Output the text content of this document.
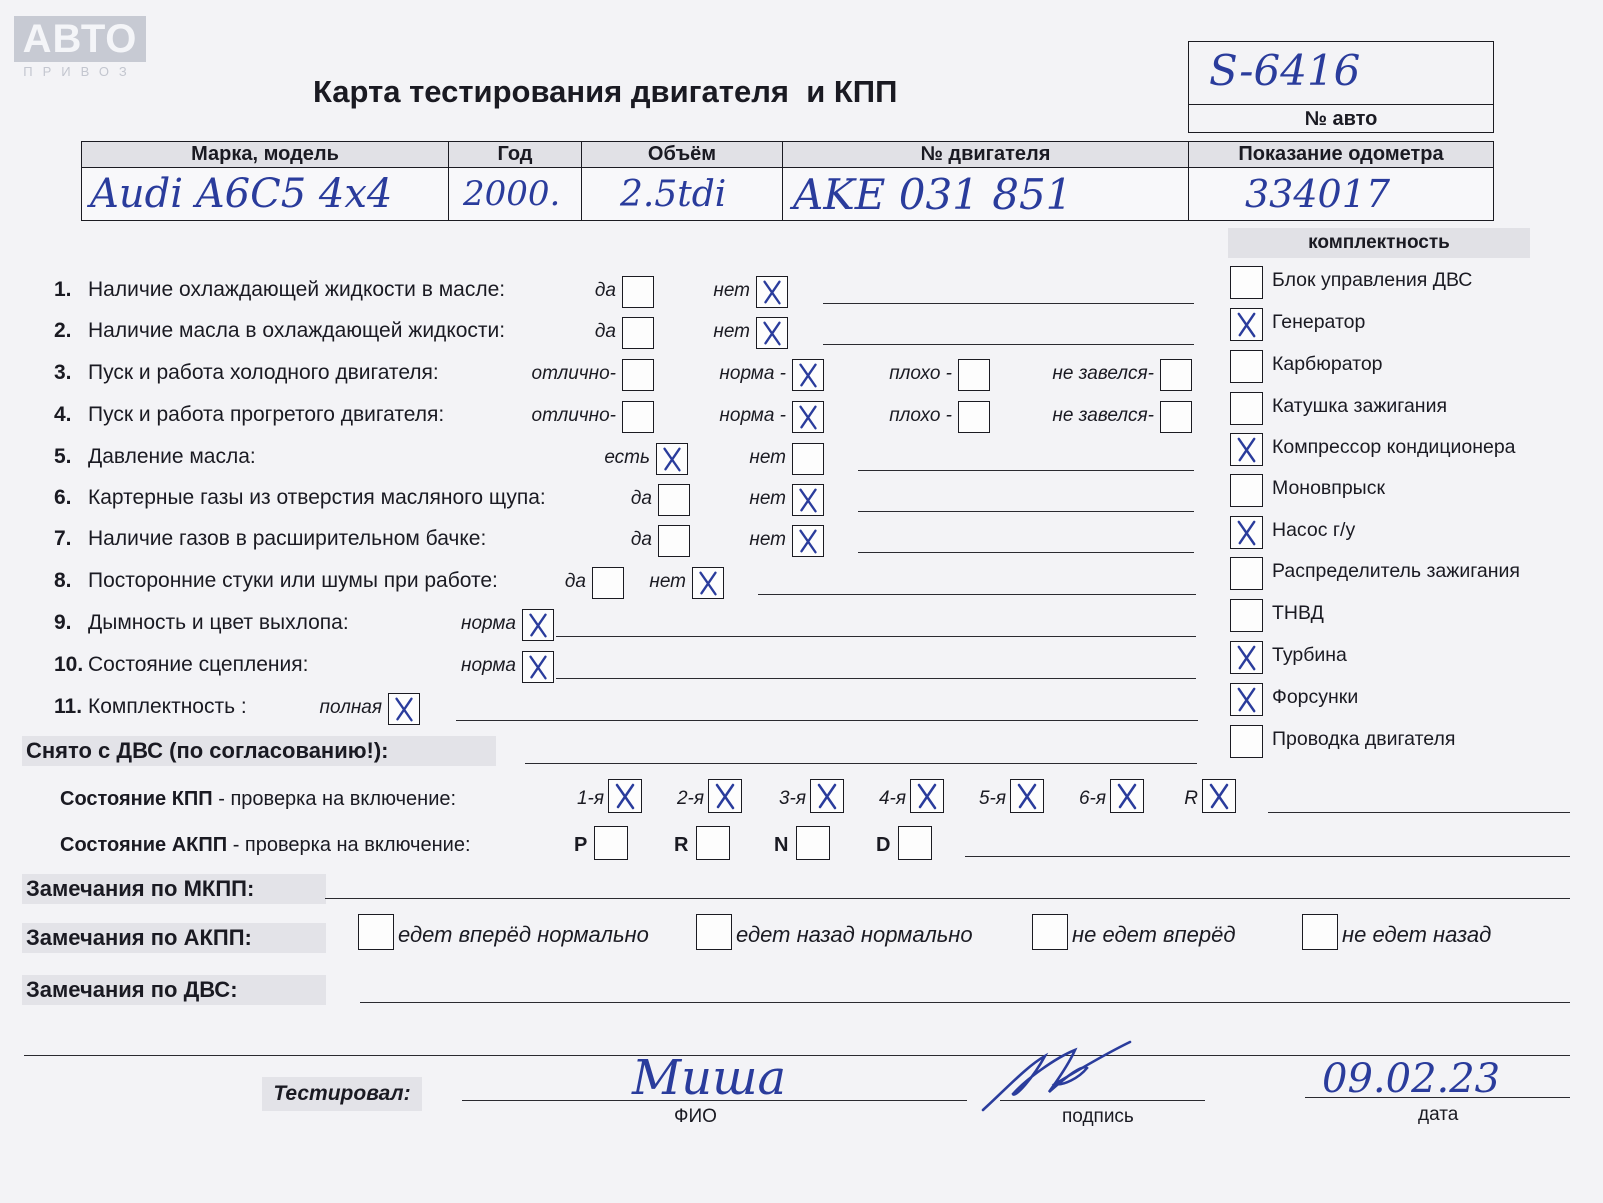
АВТО
ПРИВОЗ
Карта тестирования двигателя  и КПП	S-6416
№ авто
Марка, модель	Год	Объём	№ двигателя	Показание одометра
Audi A6C5 4x4	2000.	2.5tdi	AKE 031 851	334017
комплектность
Блок управления ДВС
Генератор
Карбюратор
Катушка зажигания
Компрессор кондиционера
Моновпрыск
Насос г/у
Распределитель зажигания
ТНВД
Турбина
Форсунки
Проводка двигателя
1. Наличие охлаждающей жидкости в масле:	да	нет
2. Наличие масла в охлаждающей жидкости:	да	нет
3. Пуск и работа холодного двигателя:	отлично-	норма -	плохо -	не завелся-
4. Пуск и работа прогретого двигателя:	отлично-	норма -	плохо -	не завелся-
5. Давление масла:	есть	нет
6. Картерные газы из отверстия масляного щупа:	да	нет
7. Наличие газов в расширительном бачке:	да	нет
8. Посторонние стуки или шумы при работе:	да	нет
9. Дымность и цвет выхлопа:	норма
10. Состояние сцепления:	норма
11. Комплектность :	полная
Снято с ДВС (по согласованию!):
Состояние КПП - проверка на включение:	1-я	2-я	3-я	4-я	5-я	6-я	R
Состояние АКПП - проверка на включение:	P	R	N	D
Замечания по МКПП:
Замечания по АКПП:	едет вперёд нормально	едет назад нормально	не едет вперёд	не едет назад
Замечания по ДВС:
Тестировал:	Миша
ФИО	подпись
09.02.23
дата
